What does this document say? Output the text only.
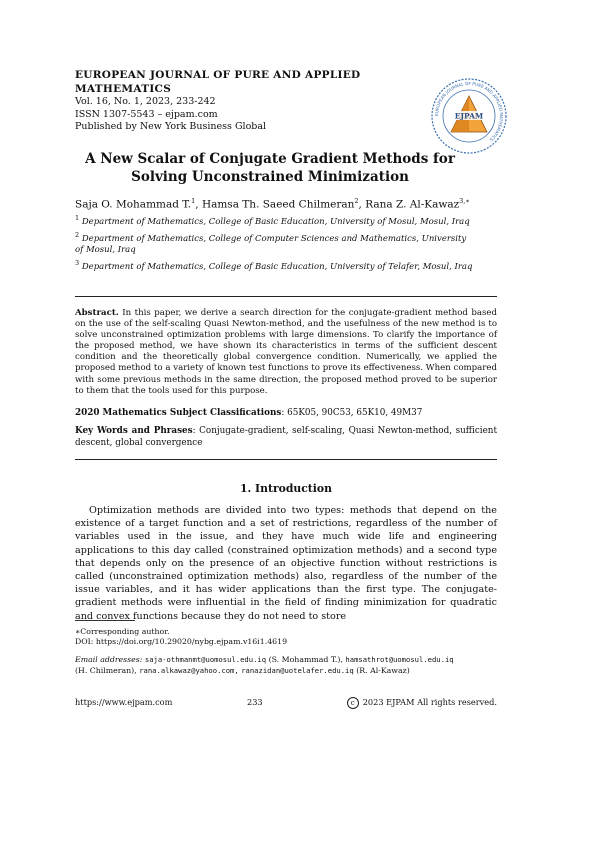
EUROPEAN JOURNAL OF PURE AND APPLIED MATHEMATICS
Vol. 16, No. 1, 2023, 233-242
ISSN 1307-5543 – ejpam.com
Published by New York Business Global
EUROPEAN JOURNAL OF PURE AND APPLIED MATHEMATICS
EJPAM
A New Scalar of Conjugate Gradient Methods for
Solving Unconstrained Minimization
Saja O. Mohammad T.$^1$, Hamsa Th. Saeed Chilmeran$^2$, Rana Z. Al-Kawaz$^{3,∗}$
$^1$ Department of Mathematics, College of Basic Education, University of Mosul, Mosul, Iraq
$^2$ Department of Mathematics, College of Computer Sciences and Mathematics, University of Mosul, Iraq
$^3$ Department of Mathematics, College of Basic Education, University of Telafer, Mosul, Iraq
Abstract. In this paper, we derive a search direction for the conjugate-gradient method based on the use of the self-scaling Quasi Newton-method, and the usefulness of the new method is to solve unconstrained optimization problems with large dimensions. To clarify the importance of the proposed method, we have shown its characteristics in terms of the sufficient descent condition and the theoretically global convergence condition. Numerically, we applied the proposed method to a variety of known test functions to prove its effectiveness. When compared with some previous methods in the same direction, the proposed method proved to be superior to them that the tools used for this purpose.
2020 Mathematics Subject Classifications: 65K05, 90C53, 65K10, 49M37
Key Words and Phrases: Conjugate-gradient, self-scaling, Quasi Newton-method, sufficient descent, global convergence
1. Introduction
Optimization methods are divided into two types: methods that depend on the existence of a target function and a set of restrictions, regardless of the number of variables used in the issue, and they have much wide life and engineering applications to this day called (constrained optimization methods) and a second type that depends only on the presence of an objective function without restrictions is called (unconstrained optimization methods) also, regardless of the number of the issue variables, and it has wider applications than the first type. The conjugate-gradient methods were influential in the field of finding minimization for quadratic and convex functions because they do not need to store
∗Corresponding author.
DOI: https://doi.org/10.29020/nybg.ejpam.v16i1.4619
Email addresses: saja-othmanmt@uomosul.edu.iq (S. Mohammad T.), hamsathrot@uomosul.edu.iq
(H. Chilmeran), rana.alkawaz@yahoo.com, ranazidan@uotelafer.edu.iq (R. Al-Kawaz)
https://www.ejpam.com	233	c 2023 EJPAM All rights reserved.
